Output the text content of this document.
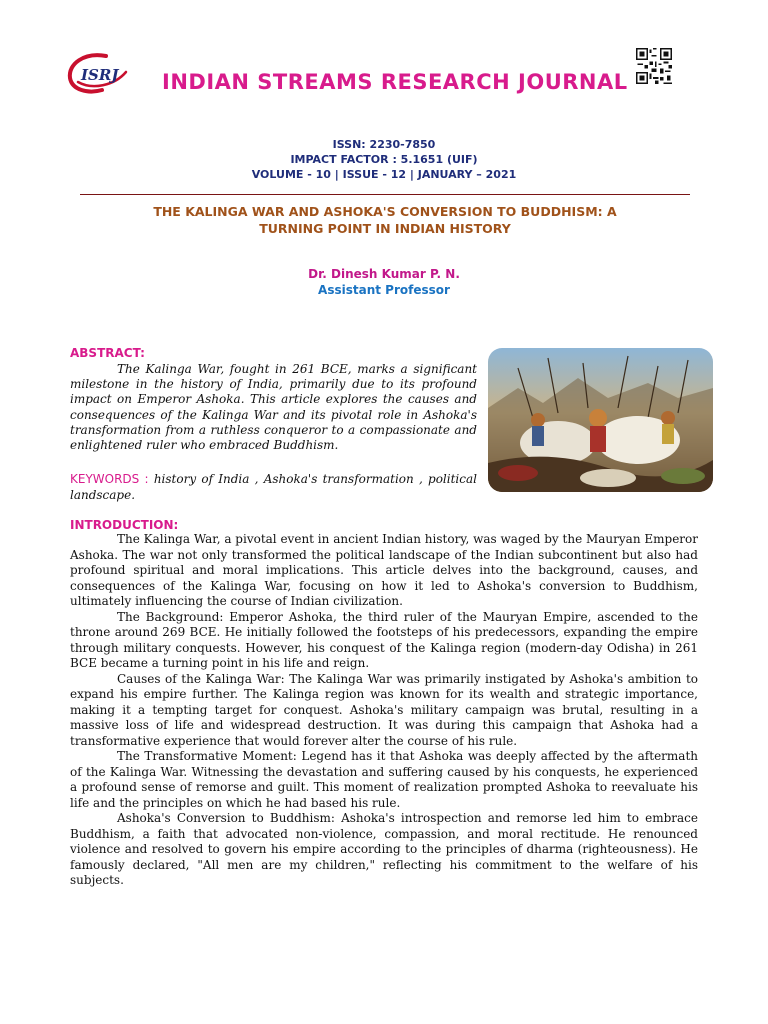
ISRJ INDIAN STREAMS RESEARCH JOURNAL

ISSN: 2230-7850

IMPACT FACTOR : 5.1651 (UIF)

VOLUME - 10 | ISSUE - 12 | JANUARY – 2021

THE KALINGA WAR AND ASHOKA'S CONVERSION TO BUDDHISM: A TURNING POINT IN INDIAN HISTORY

Dr. Dinesh Kumar P. N.

Assistant Professor

ABSTRACT:

The Kalinga War, fought in 261 BCE, marks a significant milestone in the history of India, primarily due to its profound impact on Emperor Ashoka. This article explores the causes and consequences of the Kalinga War and its pivotal role in Ashoka's transformation from a ruthless conqueror to a compassionate and enlightened ruler who embraced Buddhism.

KEYWORDS : history of India , Ashoka's transformation , political landscape.

INTRODUCTION:

The Kalinga War, a pivotal event in ancient Indian history, was waged by the Mauryan Emperor Ashoka. The war not only transformed the political landscape of the Indian subcontinent but also had profound spiritual and moral implications. This article delves into the background, causes, and consequences of the Kalinga War, focusing on how it led to Ashoka's conversion to Buddhism, ultimately influencing the course of Indian civilization.

The Background: Emperor Ashoka, the third ruler of the Mauryan Empire, ascended to the throne around 269 BCE. He initially followed the footsteps of his predecessors, expanding the empire through military conquests. However, his conquest of the Kalinga region (modern-day Odisha) in 261 BCE became a turning point in his life and reign.

Causes of the Kalinga War: The Kalinga War was primarily instigated by Ashoka's ambition to expand his empire further. The Kalinga region was known for its wealth and strategic importance, making it a tempting target for conquest. Ashoka's military campaign was brutal, resulting in a massive loss of life and widespread destruction. It was during this campaign that Ashoka had a transformative experience that would forever alter the course of his rule.

The Transformative Moment: Legend has it that Ashoka was deeply affected by the aftermath of the Kalinga War. Witnessing the devastation and suffering caused by his conquests, he experienced a profound sense of remorse and guilt. This moment of realization prompted Ashoka to reevaluate his life and the principles on which he had based his rule.

Ashoka's Conversion to Buddhism: Ashoka's introspection and remorse led him to embrace Buddhism, a faith that advocated non-violence, compassion, and moral rectitude. He renounced violence and resolved to govern his empire according to the principles of dharma (righteousness). He famously declared, "All men are my children," reflecting his commitment to the welfare of his subjects.
